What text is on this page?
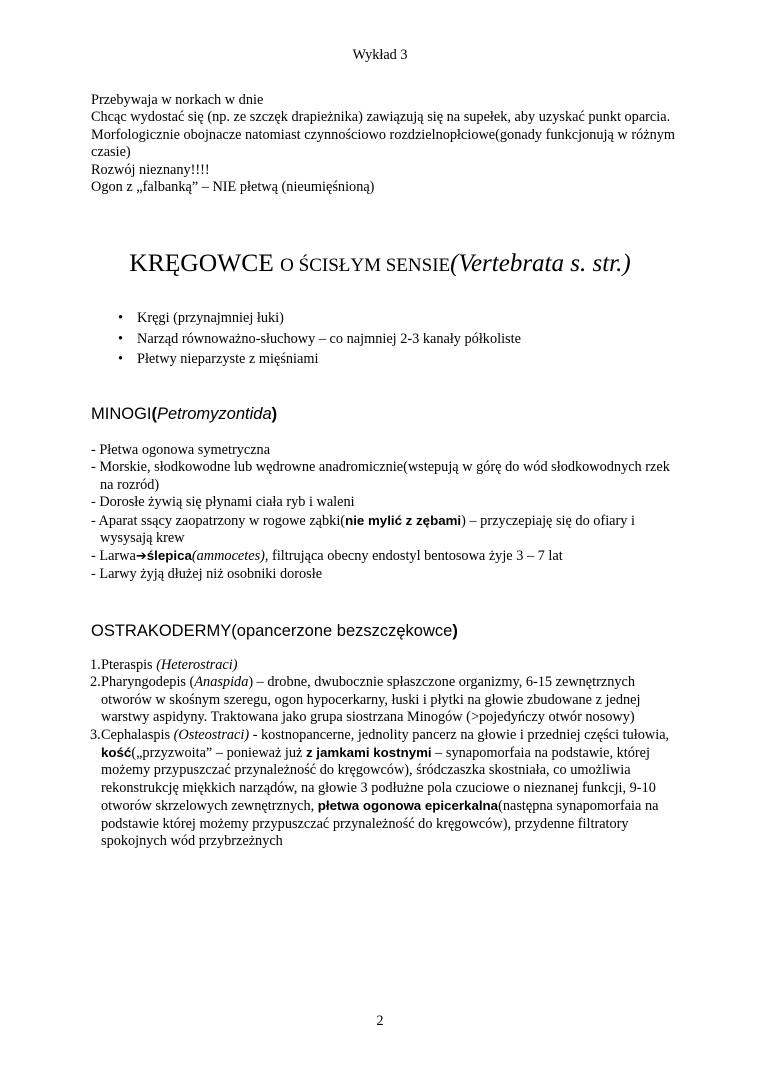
Wykład 3
Przebywaja w norkach w dnie
Chcąc wydostać się (np. ze szczęk drapieżnika) zawiązują się na supełek, aby uzyskać punkt oparcia.
Morfologicznie obojnacze natomiast czynnościowo rozdzielnopłciowe(gonady funkcjonują w różnym czasie)
Rozwój nieznany!!!!
Ogon z „falbanką” – NIE płetwą (nieumięśnioną)
KRĘGOWCE O ŚCISŁYM SENSIE(Vertebrata s. str.)
• Kręgi (przynajmniej łuki)
• Narząd równoważno-słuchowy – co najmniej 2-3 kanały półkoliste
• Płetwy nieparzyste z mięśniami
MINOGI(Petromyzontida)
- Płetwa ogonowa symetryczna
- Morskie, słodkowodne lub wędrowne anadromicznie(wstepują w górę do wód słodkowodnych rzek na rozród)
- Dorosłe żywią się płynami ciała ryb i waleni
- Aparat ssący zaopatrzony w rogowe ząbki(nie mylić z zębami) – przyczepiaję się do ofiary i wysysają krew
- Larwa➔ślepica(ammocetes), filtrująca obecny endostyl bentosowa żyje 3 – 7 lat
- Larwy żyją dłużej niż osobniki dorosłe
OSTRAKODERMY(opancerzone bezszczękowce)
1. Pteraspis (Heterostraci)
2. Pharyngodepis (Anaspida) – drobne, dwubocznie spłaszczone organizmy, 6-15 zewnętrznych otworów w skośnym szeregu, ogon hypocerkarny, łuski i płytki na głowie zbudowane z jednej warstwy aspidyny. Traktowana jako grupa siostrzana Minogów (>pojedyńczy otwór nosowy)
3. Cephalaspis (Osteostraci) - kostnopancerne, jednolity pancerz na głowie i przedniej części tułowia, kość(„przyzwoita” – ponieważ już z jamkami kostnymi – synapomorfaia na podstawie, której możemy przypuszczać przynależność do kręgowców), śródczaszka skostniała, co umożliwia rekonstrukcję miękkich narządów, na głowie 3 podłużne pola czuciowe o nieznanej funkcji, 9-10 otworów skrzelowych zewnętrznych, płetwa ogonowa epicerkalna(następna synapomorfaia na podstawie której możemy przypuszczać przynależność do kręgowców), przydenne filtratory spokojnych wód przybrzeżnych
2
